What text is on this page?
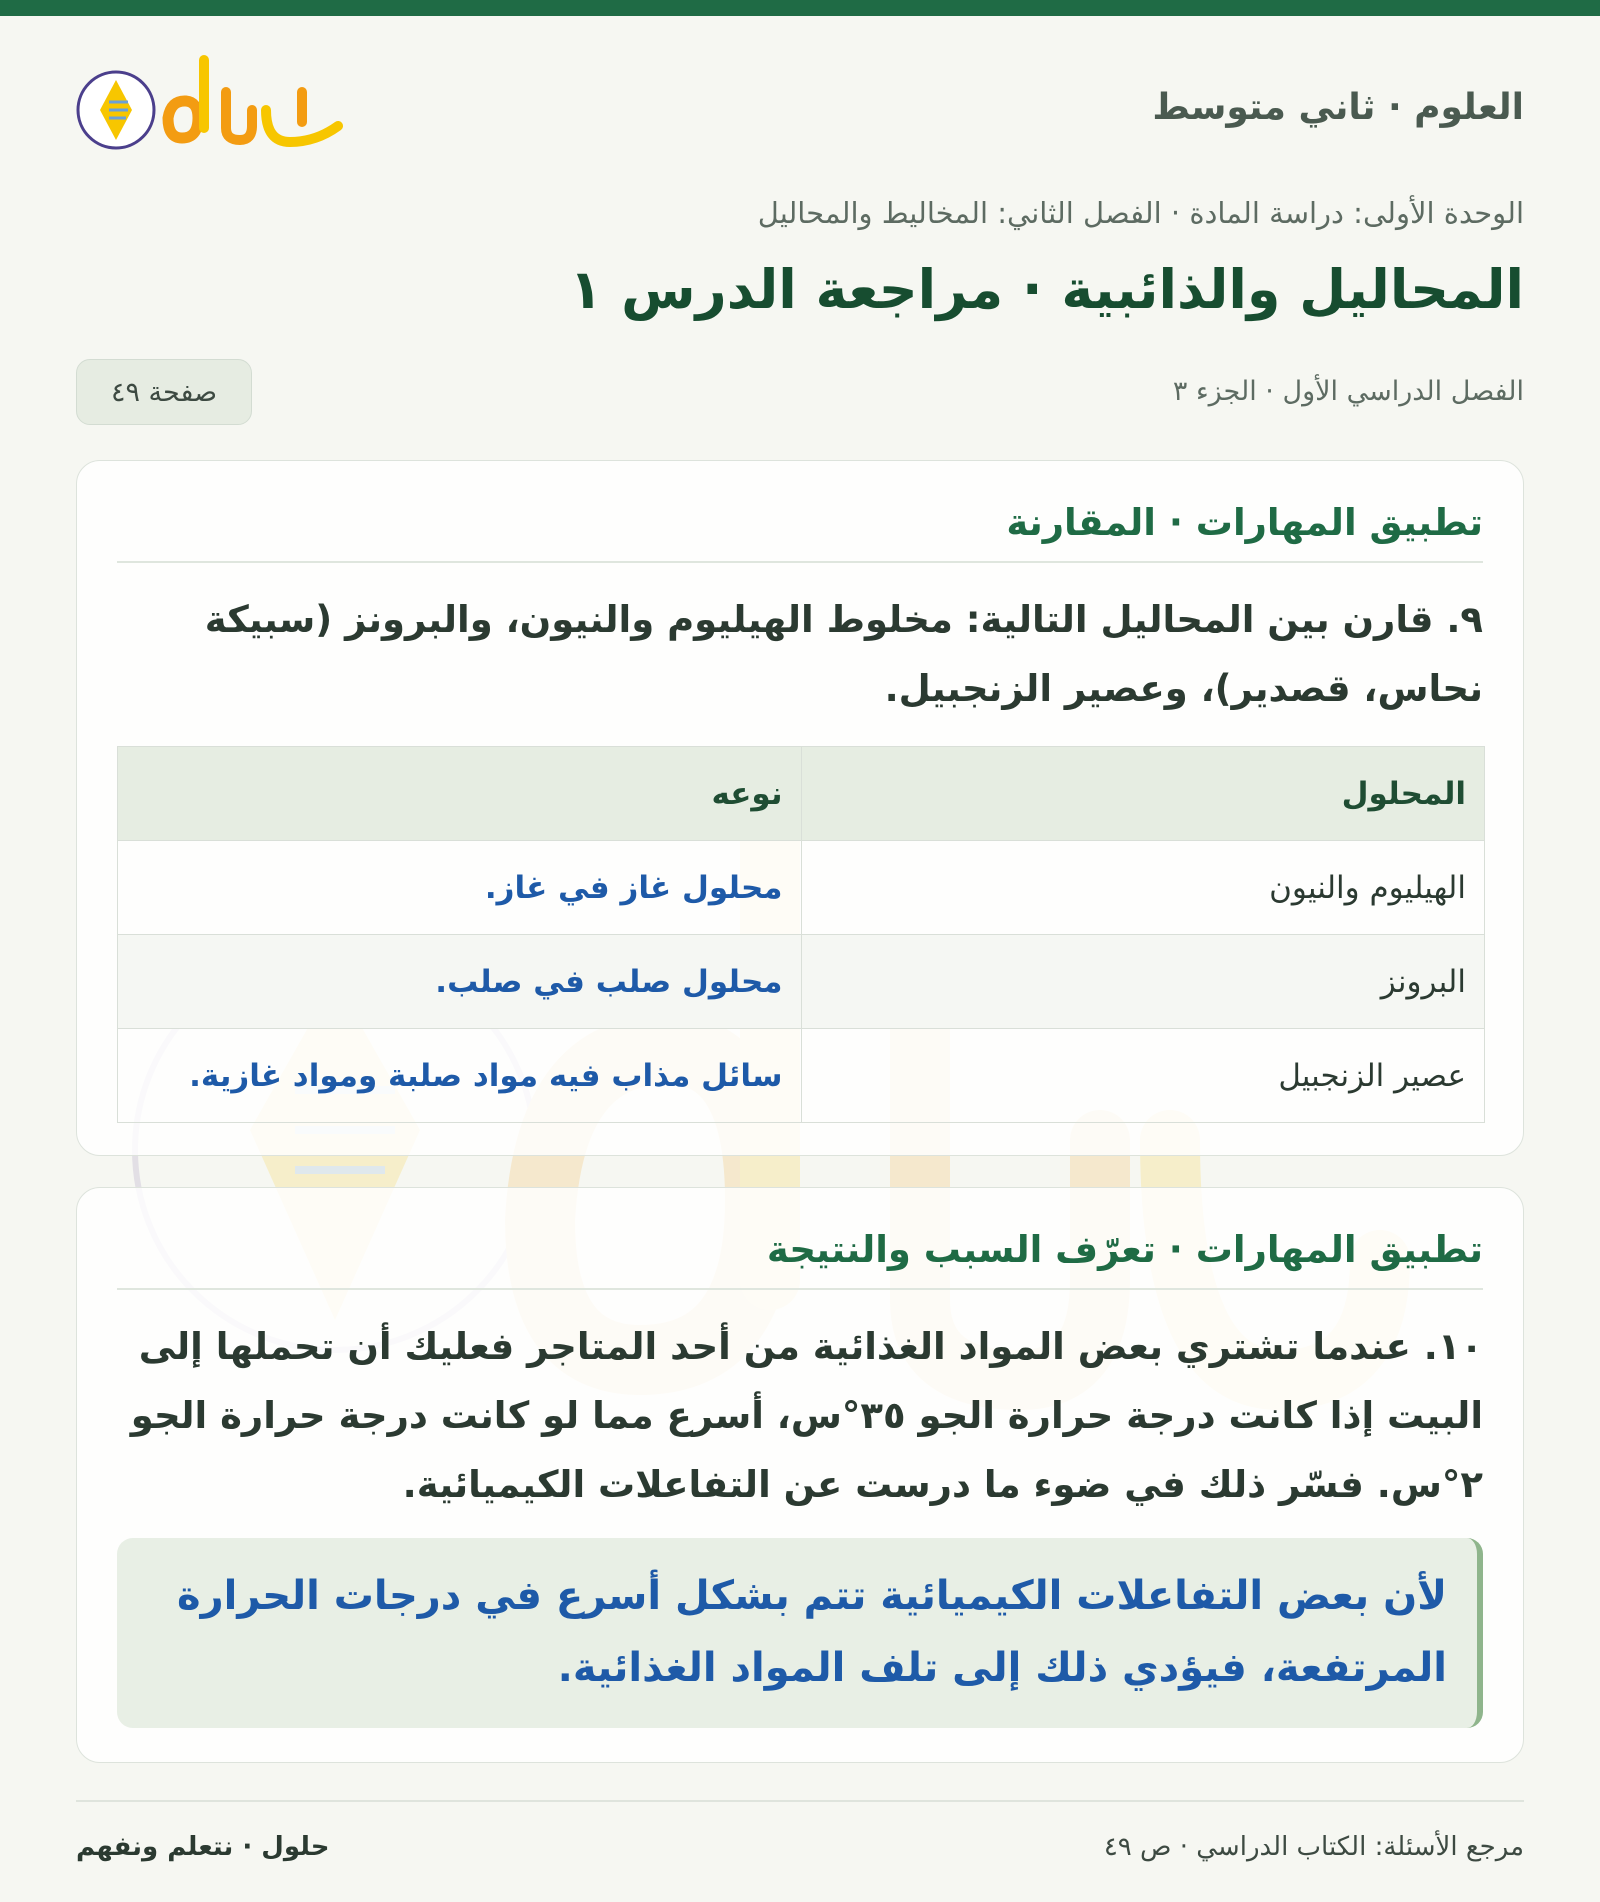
العلوم · ثاني متوسط
الوحدة الأولى: دراسة المادة · الفصل الثاني: المخاليط والمحاليل
المحاليل والذائبية · مراجعة الدرس ١
الفصل الدراسي الأول · الجزء ٣
صفحة ٤٩
تطبيق المهارات · المقارنة
٩. قارن بين المحاليل التالية: مخلوط الهيليوم والنيون، والبرونز (سبيكة نحاس، قصدير)، وعصير الزنجبيل.
المحلول	نوعه
الهيليوم والنيون	محلول غاز في غاز.
البرونز	محلول صلب في صلب.
عصير الزنجبيل	سائل مذاب فيه مواد صلبة ومواد غازية.
تطبيق المهارات · تعرّف السبب والنتيجة
١٠. عندما تشتري بعض المواد الغذائية من أحد المتاجر فعليك أن تحملها إلى البيت إذا كانت درجة حرارة الجو ٣٥°س، أسرع مما لو كانت درجة حرارة الجو ٢°س. فسّر ذلك في ضوء ما درست عن التفاعلات الكيميائية.
لأن بعض التفاعلات الكيميائية تتم بشكل أسرع في درجات الحرارة المرتفعة، فيؤدي ذلك إلى تلف المواد الغذائية.
مرجع الأسئلة: الكتاب الدراسي · ص ٤٩
حلول · نتعلم ونفهم
